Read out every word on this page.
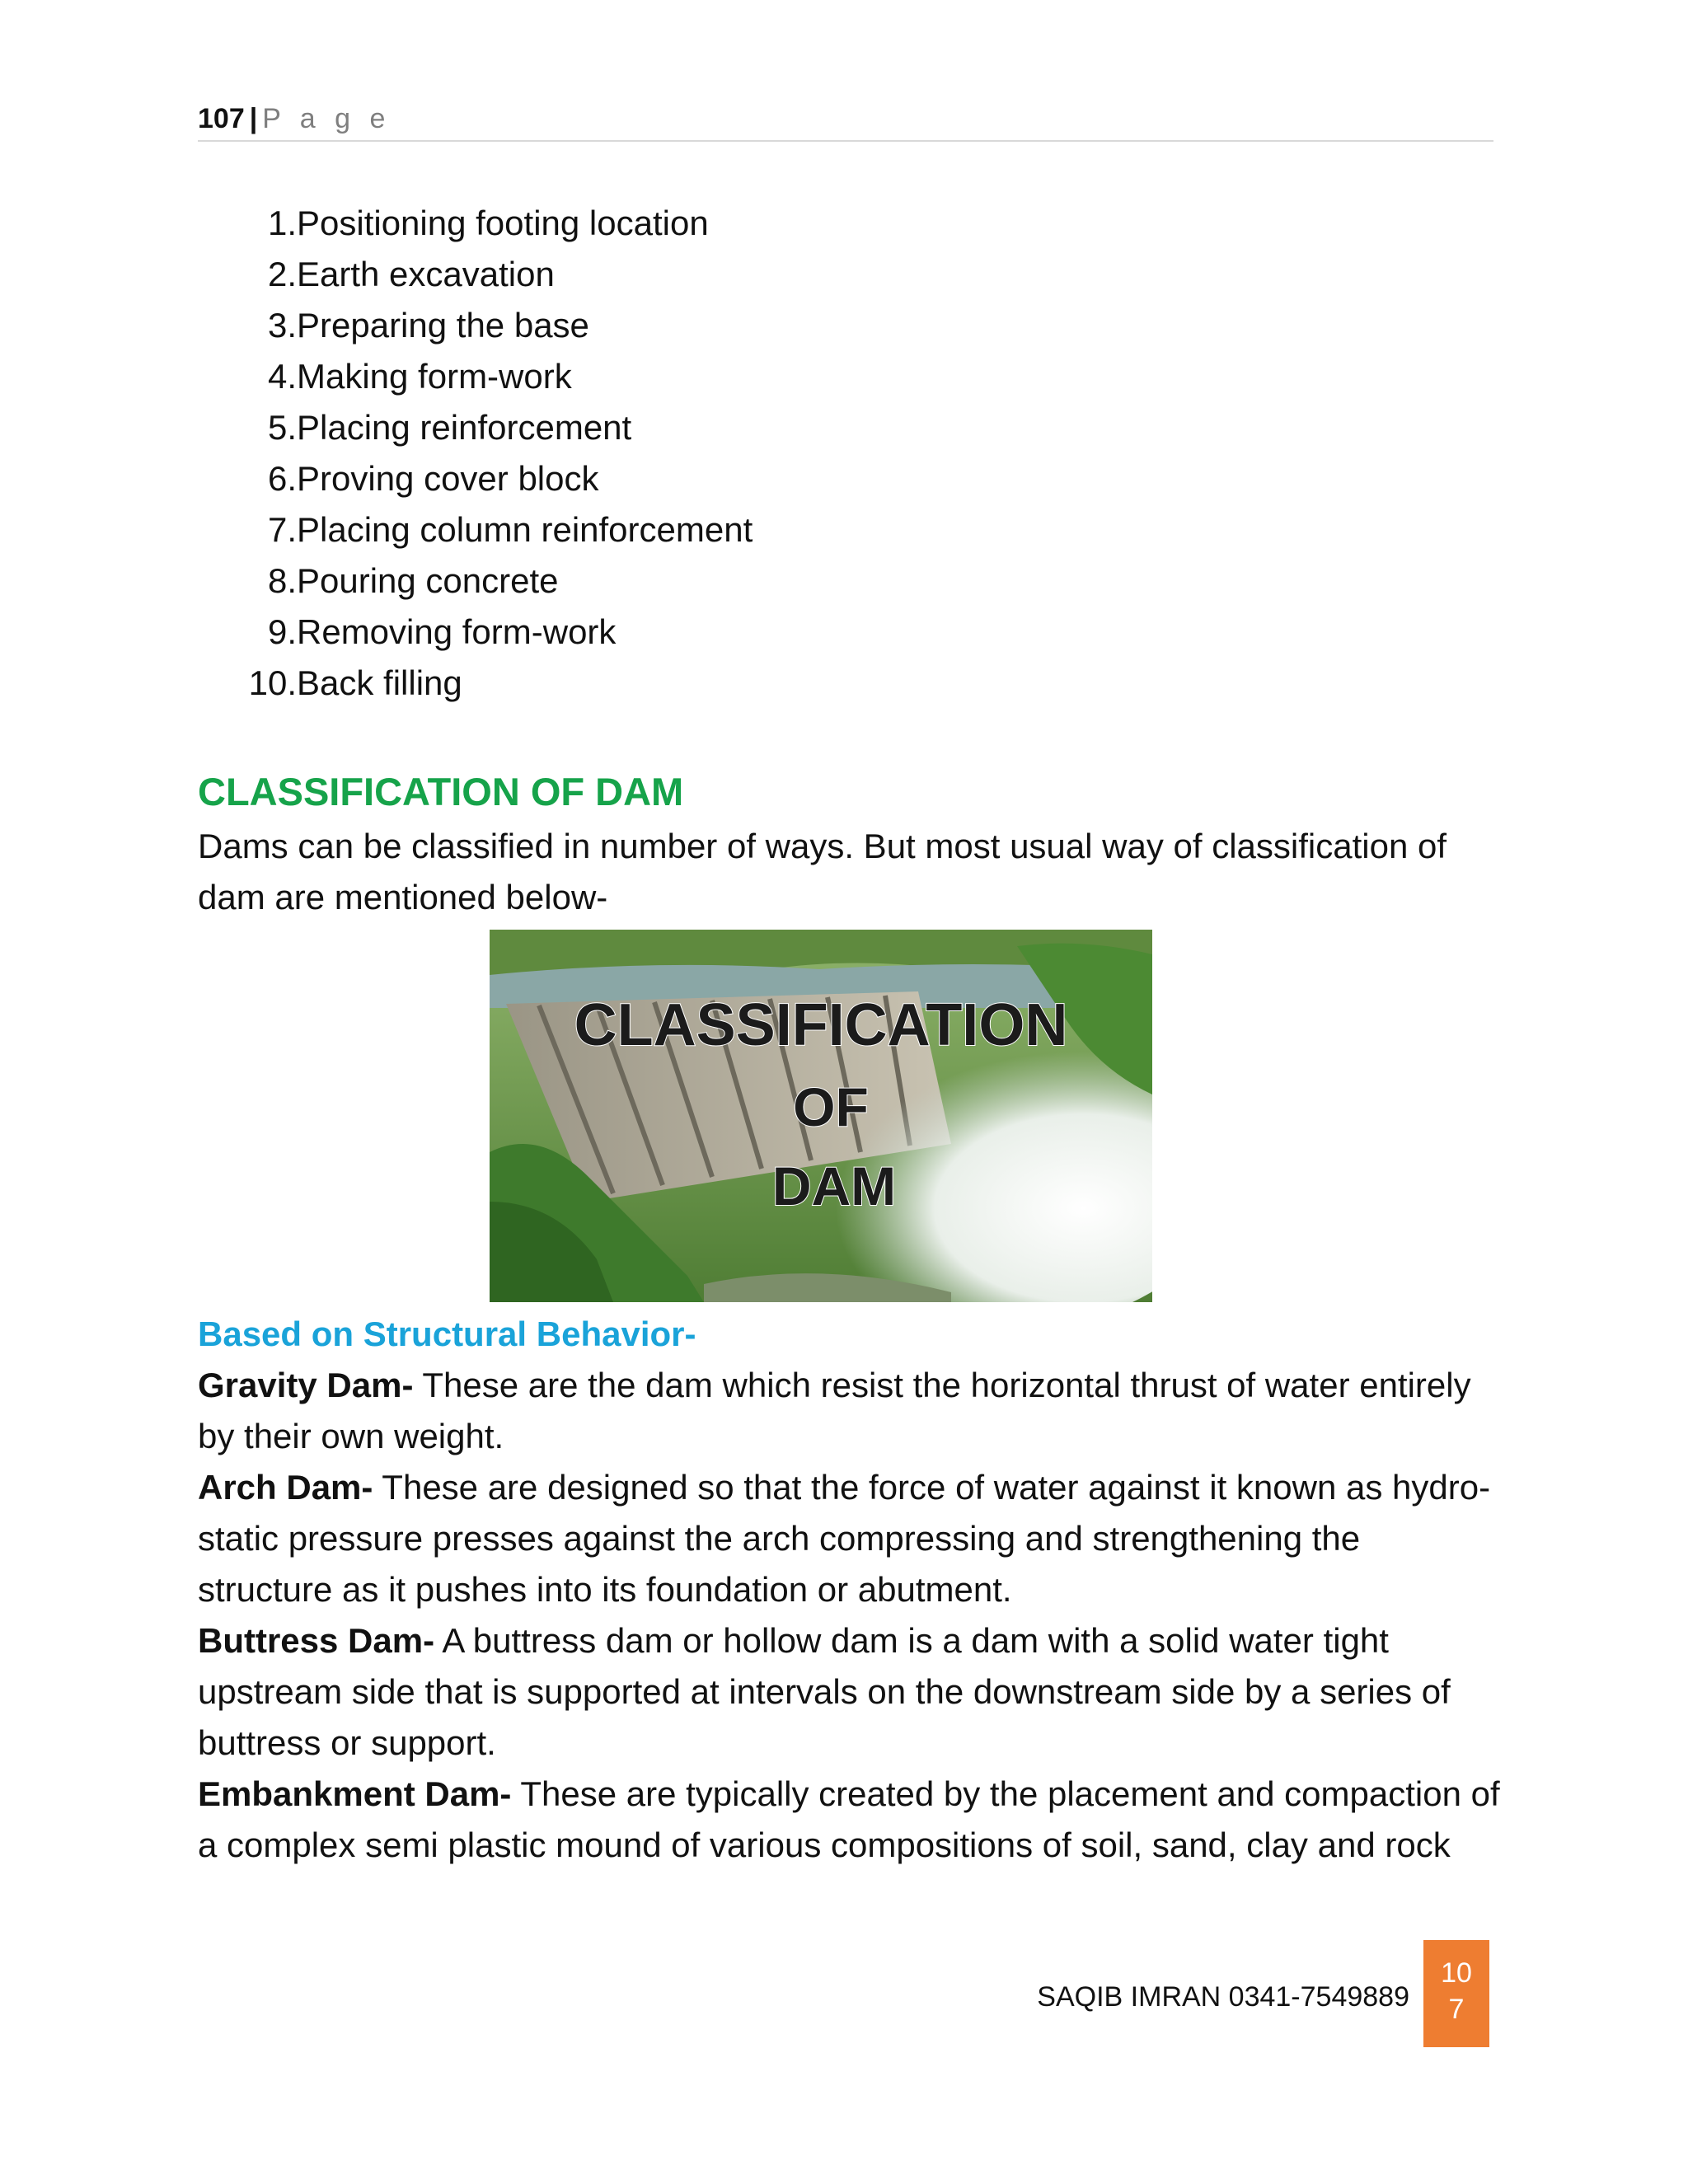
107 | P a g e
1. Positioning footing location
2. Earth excavation
3. Preparing the base
4. Making form-work
5. Placing reinforcement
6. Proving cover block
7. Placing column reinforcement
8. Pouring concrete
9. Removing form-work
10. Back filling
CLASSIFICATION OF DAM

Dams can be classified in number of ways. But most usual way of classification of dam are mentioned below-

CLASSIFICATION
OF
DAM
Based on Structural Behavior-

Gravity Dam- These are the dam which resist the horizontal thrust of water entirely by their own weight.

Arch Dam- These are designed so that the force of water against it known as hydro-static pressure presses against the arch compressing and strengthening the structure as it pushes into its foundation or abutment.

Buttress Dam- A buttress dam or hollow dam is a dam with a solid water tight upstream side that is supported at intervals on the downstream side by a series of buttress or support.

Embankment Dam- These are typically created by the placement and compaction of a complex semi plastic mound of various compositions of soil, sand, clay and rock

SAQIB IMRAN 0341-7549889
10
7
